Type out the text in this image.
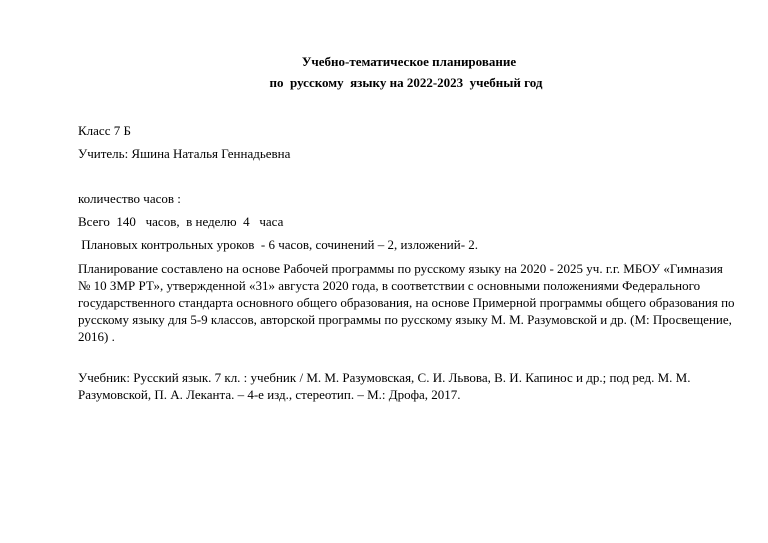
Учебно-тематическое планирование
по  русскому  языку на 2022-2023  учебный год
Класс 7 Б
Учитель: Яшина Наталья Геннадьевна
количество часов :
Всего  140   часов,  в неделю  4   часа
Плановых контрольных уроков  - 6 часов, сочинений – 2, изложений- 2.
Планирование составлено на основе Рабочей программы по русскому языку на 2020 - 2025 уч. г.г. МБОУ «Гимназия № 10 ЗМР РТ», утвержденной «31» августа 2020 года, в соответствии с основными положениями Федерального государственного стандарта основного общего образования, на основе Примерной программы общего образования по русскому языку для 5-9 классов, авторской программы по русскому языку М. М. Разумовской и др. (М: Просвещение, 2016) .
Учебник: Русский язык. 7 кл. : учебник / М. М. Разумовская, С. И. Львова, В. И. Капинос и др.; под ред. М. М. Разумовской, П. А. Леканта. – 4-е изд., стереотип. – М.: Дрофа, 2017.
